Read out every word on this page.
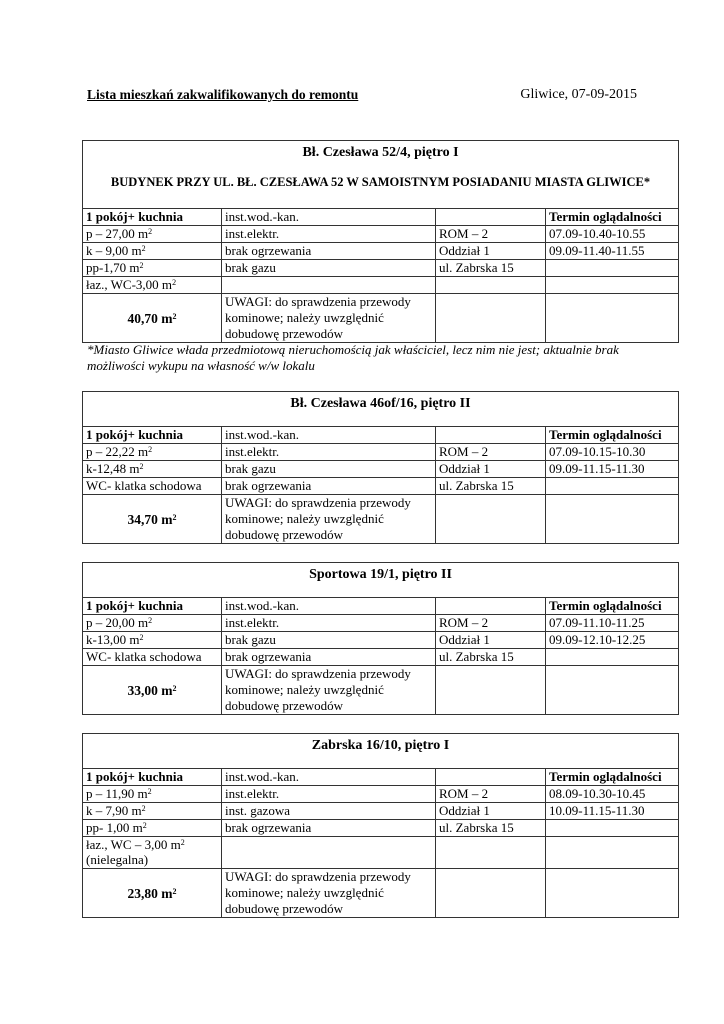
Lista mieszkań zakwalifikowanych do remontu	Gliwice, 07-09-2015
Bł. Czesława 52/4, piętro I
BUDYNEK PRZY UL. BŁ. CZESŁAWA 52 W SAMOISTNYM POSIADANIU MIASTA GLIWICE*			

1 pokój+ kuchnia	inst.wod.-kan.		Termin oglądalności
p – 27,00 $m^2$	inst.elektr.	ROM – 2	07.09-10.40-10.55
k – 9,00 $m^2$	brak ogrzewania	Oddział 1	09.09-11.40-11.55
pp-1,70 $m^2$	brak gazu	ul. Zabrska 15	
łaz., WC-3,00 $m^2$			
40,70 $m^2$	UWAGI: do sprawdzenia przewody kominowe; należy uwzględnić dobudowę przewodów		
*Miasto Gliwice włada przedmiotową nieruchomością jak właściciel, lecz nim nie jest; aktualnie brak możliwości wykupu na własność w/w lokalu
Bł. Czesława 46of/16, piętro II			
1 pokój+ kuchnia	inst.wod.-kan.		Termin oglądalności
p – 22,22 $m^2$	inst.elektr.	ROM – 2	07.09-10.15-10.30
k-12,48 $m^2$	brak gazu	Oddział 1	09.09-11.15-11.30
WC- klatka schodowa	brak ogrzewania	ul. Zabrska 15	
34,70 $m^2$	UWAGI: do sprawdzenia przewody kominowe; należy uwzględnić dobudowę przewodów		
Sportowa 19/1, piętro II			
1 pokój+ kuchnia	inst.wod.-kan.		Termin oglądalności
p – 20,00 $m^2$	inst.elektr.	ROM – 2	07.09-11.10-11.25
k-13,00 $m^2$	brak gazu	Oddział 1	09.09-12.10-12.25
WC- klatka schodowa	brak ogrzewania	ul. Zabrska 15	
33,00 $m^2$	UWAGI: do sprawdzenia przewody kominowe; należy uwzględnić dobudowę przewodów		
Zabrska 16/10, piętro I			
1 pokój+ kuchnia	inst.wod.-kan.		Termin oglądalności
p – 11,90 $m^2$	inst.elektr.	ROM – 2	08.09-10.30-10.45
k – 7,90 $m^2$	inst. gazowa	Oddział 1	10.09-11.15-11.30
pp- 1,00 $m^2$	brak ogrzewania	ul. Zabrska 15	
łaz., WC – 3,00 $m^2$
(nielegalna)			
23,80 $m^2$	UWAGI: do sprawdzenia przewody kominowe; należy uwzględnić dobudowę przewodów		
